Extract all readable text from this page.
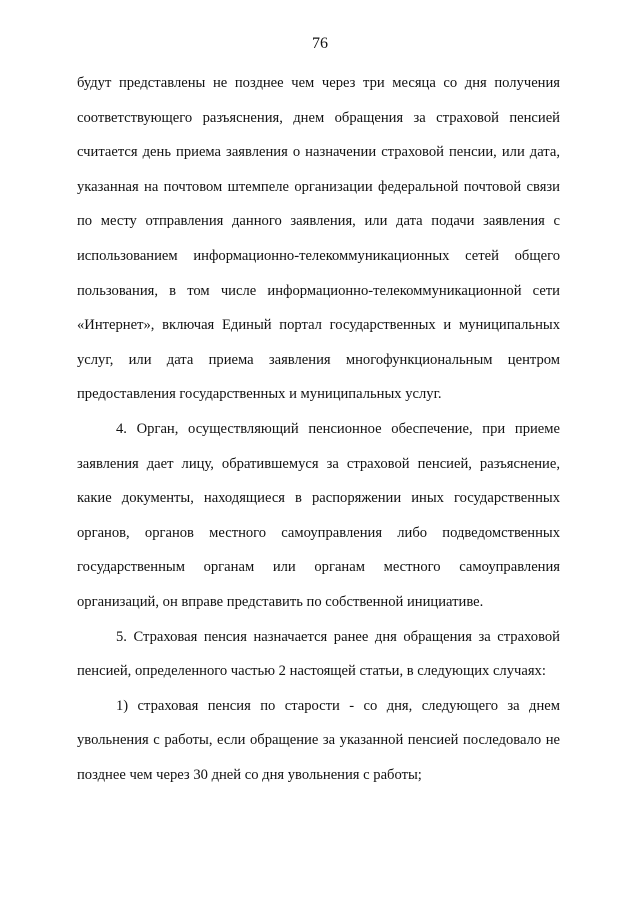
76

будут представлены не позднее чем через три месяца со дня получения соответствующего разъяснения, днем обращения за страховой пенсией считается день приема заявления о назначении страховой пенсии, или дата, указанная на почтовом штемпеле организации федеральной почтовой связи по месту отправления данного заявления, или дата подачи заявления с использованием информационно-телекоммуникационных сетей общего пользования, в том числе информационно-телекоммуникационной сети «Интернет», включая Единый портал государственных и муниципальных услуг, или дата приема заявления многофункциональным центром предоставления государственных и муниципальных услуг.

4. Орган, осуществляющий пенсионное обеспечение, при приеме заявления дает лицу, обратившемуся за страховой пенсией, разъяснение, какие документы, находящиеся в распоряжении иных государственных органов, органов местного самоуправления либо подведомственных государственным органам или органам местного самоуправления организаций, он вправе представить по собственной инициативе.

5. Страховая пенсия назначается ранее дня обращения за страховой пенсией, определенного частью 2 настоящей статьи, в следующих случаях:

1) страховая пенсия по старости - со дня, следующего за днем увольнения с работы, если обращение за указанной пенсией последовало не позднее чем через 30 дней со дня увольнения с работы;
